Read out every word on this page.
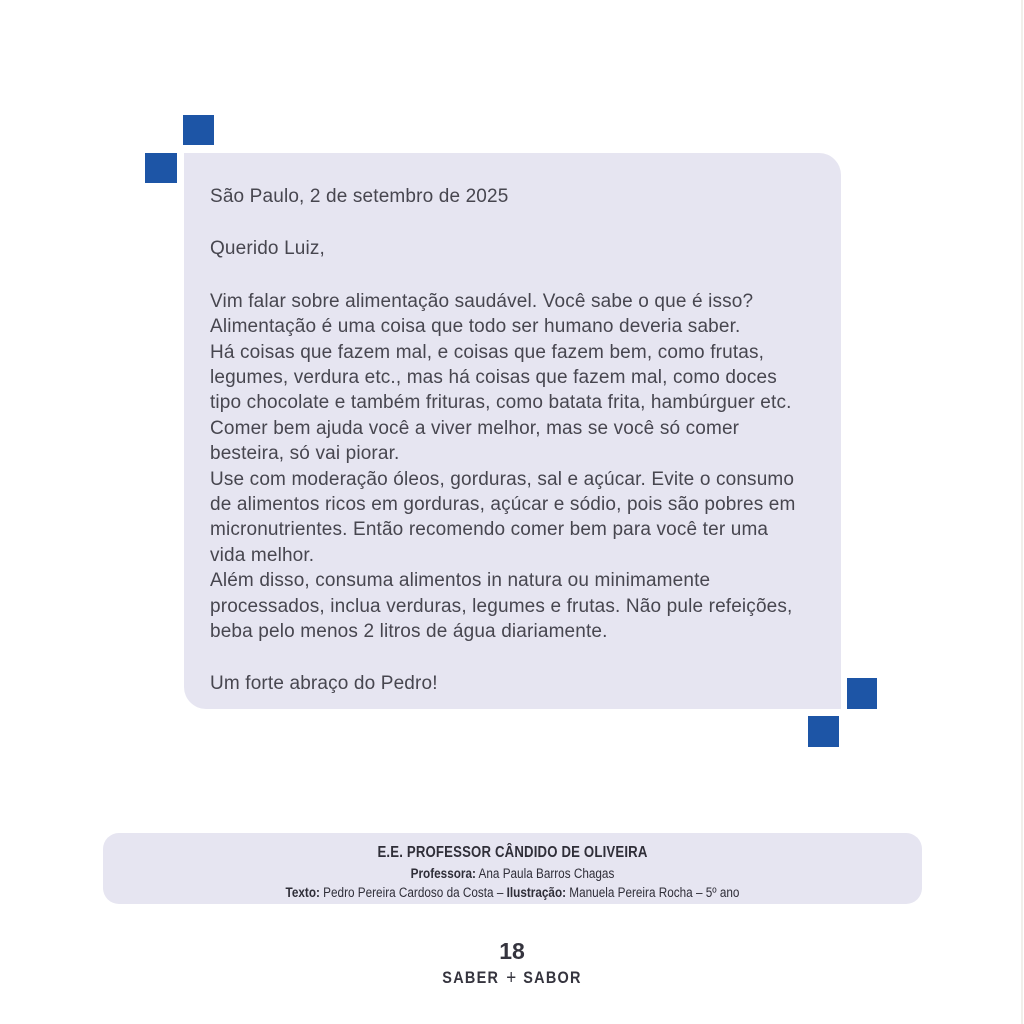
São Paulo, 2 de setembro de 2025
Querido Luiz,
Vim falar sobre alimentação saudável. Você sabe o que é isso?
Alimentação é uma coisa que todo ser humano deveria saber.
Há coisas que fazem mal, e coisas que fazem bem, como frutas,
legumes, verdura etc., mas há coisas que fazem mal, como doces
tipo chocolate e também frituras, como batata frita, hambúrguer etc.
Comer bem ajuda você a viver melhor, mas se você só comer
besteira, só vai piorar.
Use com moderação óleos, gorduras, sal e açúcar. Evite o consumo
de alimentos ricos em gorduras, açúcar e sódio, pois são pobres em
micronutrientes. Então recomendo comer bem para você ter uma
vida melhor.
Além disso, consuma alimentos in natura ou minimamente
processados, inclua verduras, legumes e frutas. Não pule refeições,
beba pelo menos 2 litros de água diariamente.
Um forte abraço do Pedro!
E.E. PROFESSOR CÂNDIDO DE OLIVEIRA
Professora: Ana Paula Barros Chagas
Texto: Pedro Pereira Cardoso da Costa – Ilustração: Manuela Pereira Rocha – 5º ano
18
SABER + SABOR
